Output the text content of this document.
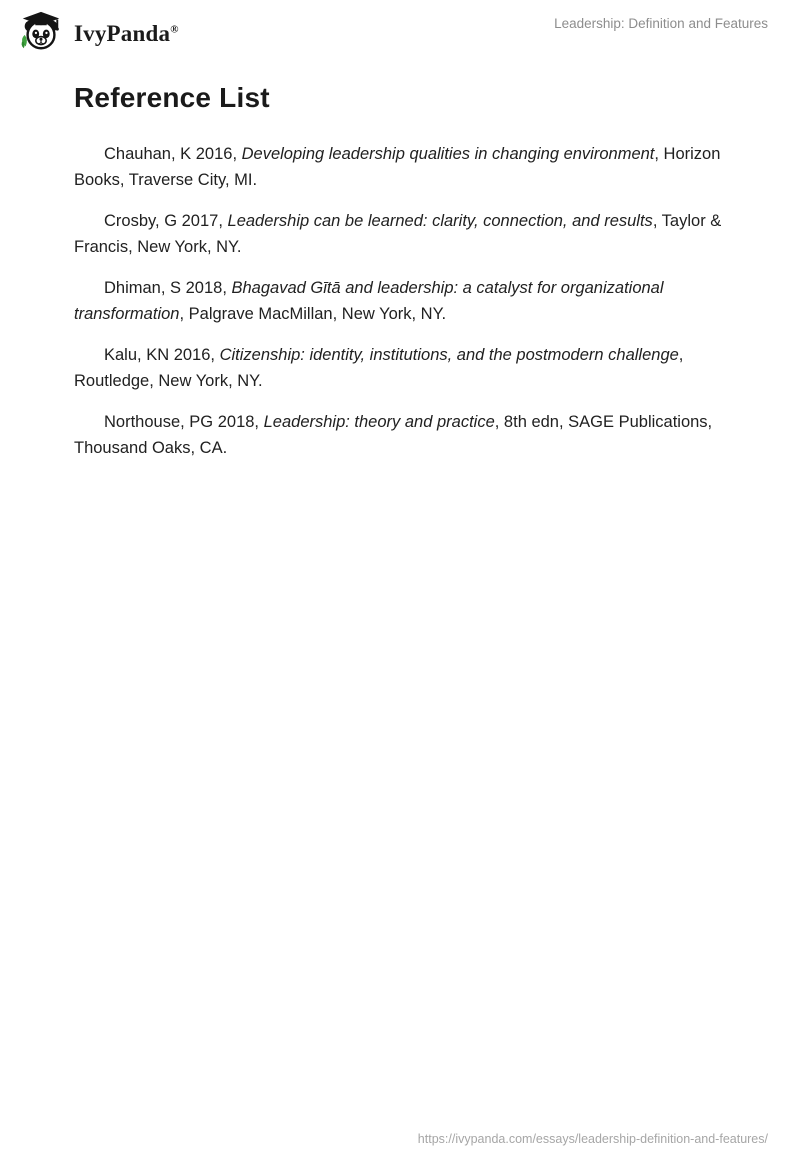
IvyPanda®	Leadership: Definition and Features
Reference List

Chauhan, K 2016, Developing leadership qualities in changing environment, Horizon Books, Traverse City, MI.

Crosby, G 2017, Leadership can be learned: clarity, connection, and results, Taylor & Francis, New York, NY.

Dhiman, S 2018, Bhagavad Gītā and leadership: a catalyst for organizational transformation, Palgrave MacMillan, New York, NY.

Kalu, KN 2016, Citizenship: identity, institutions, and the postmodern challenge, Routledge, New York, NY.

Northouse, PG 2018, Leadership: theory and practice, 8th edn, SAGE Publications, Thousand Oaks, CA.

https://ivypanda.com/essays/leadership-definition-and-features/
